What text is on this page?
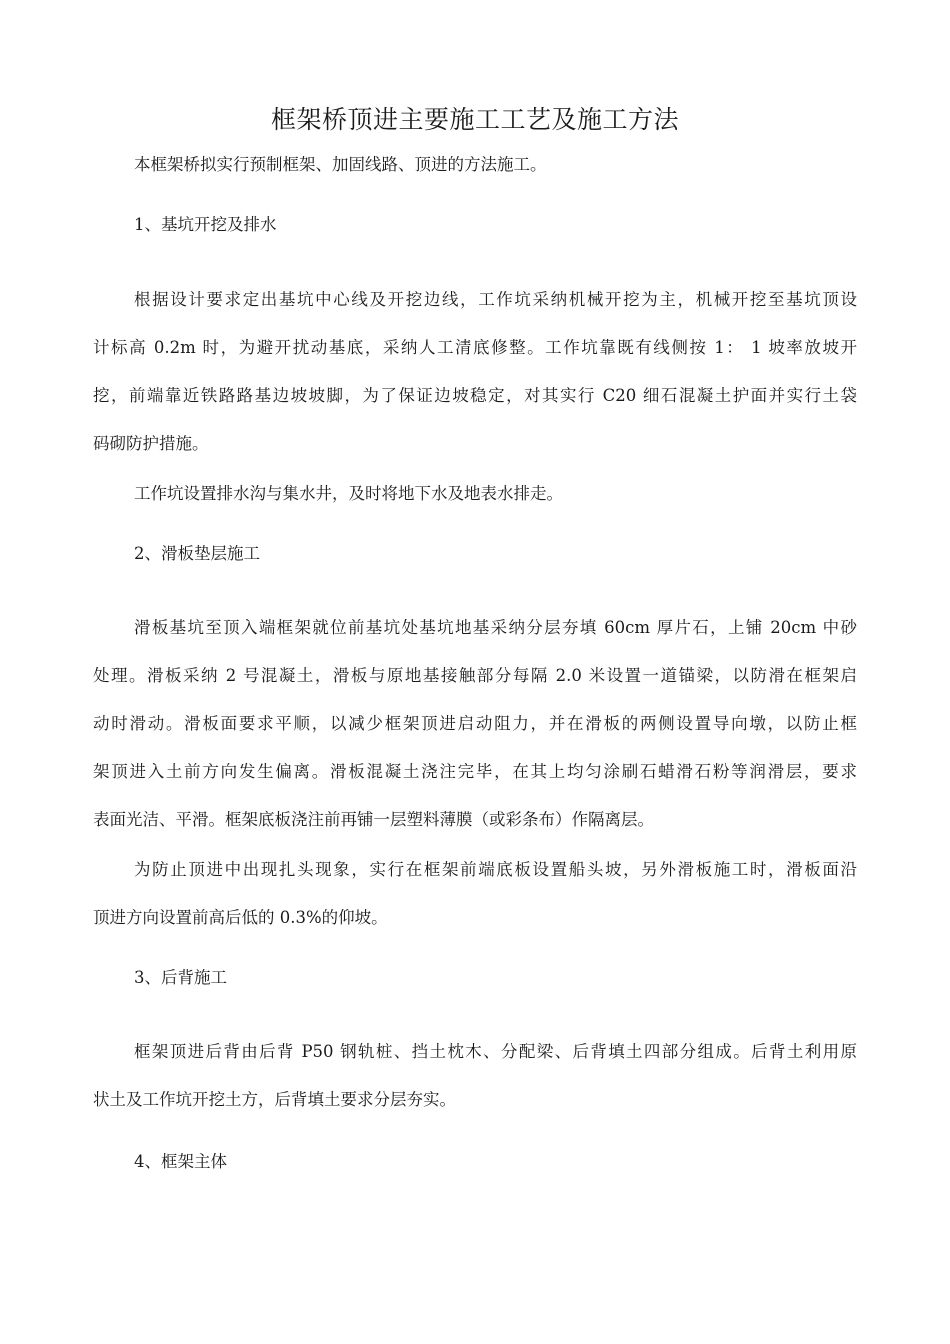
框架桥顶进主要施工工艺及施工方法
本框架桥拟实行预制框架、加固线路、顶进的方法施工。
1、基坑开挖及排水
根据设计要求定出基坑中心线及开挖边线，工作坑采纳机械开挖为主，机械开挖至基坑顶设
计标高 0.2m 时，为避开扰动基底，采纳人工清底修整。工作坑靠既有线侧按 1： 1 坡率放坡开
挖，前端靠近铁路路基边坡坡脚，为了保证边坡稳定，对其实行 C20 细石混凝土护面并实行土袋
码砌防护措施。
工作坑设置排水沟与集水井，及时将地下水及地表水排走。
2、滑板垫层施工
滑板基坑至顶入端框架就位前基坑处基坑地基采纳分层夯填 60cm 厚片石，上铺 20cm 中砂
处理。滑板采纳 2 号混凝土，滑板与原地基接触部分每隔 2.0 米设置一道锚梁，以防滑在框架启
动时滑动。滑板面要求平顺，以减少框架顶进启动阻力，并在滑板的两侧设置导向墩，以防止框
架顶进入土前方向发生偏离。滑板混凝土浇注完毕，在其上均匀涂刷石蜡滑石粉等润滑层，要求
表面光洁、平滑。框架底板浇注前再铺一层塑料薄膜（或彩条布）作隔离层。
为防止顶进中出现扎头现象，实行在框架前端底板设置船头坡，另外滑板施工时，滑板面沿
顶进方向设置前高后低的 0.3%的仰坡。
3、后背施工
框架顶进后背由后背 P50 钢轨桩、挡土枕木、分配梁、后背填土四部分组成。后背土利用原
状土及工作坑开挖土方，后背填土要求分层夯实。
4、框架主体
